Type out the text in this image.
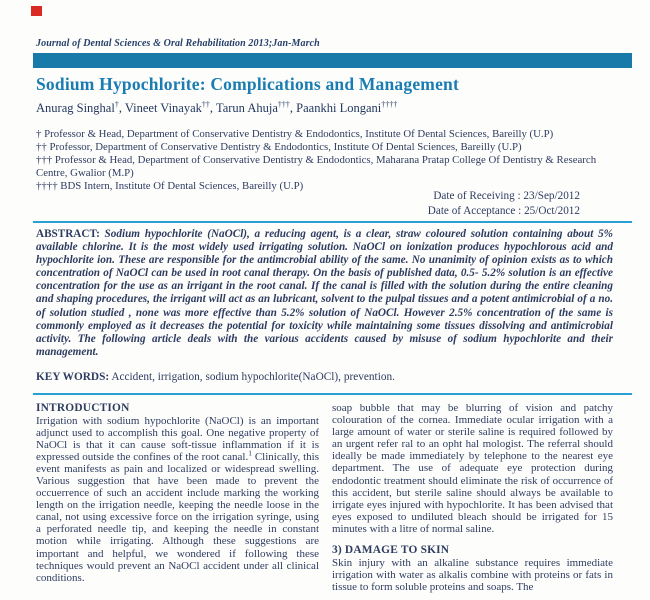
Journal of Dental Sciences & Oral Rehabilitation 2013;Jan-March
Sodium Hypochlorite: Complications and Management
Anurag Singhal†, Vineet Vinayak††, Tarun Ahuja†††, Paankhi Longani††††
† Professor & Head, Department of Conservative Dentistry & Endodontics, Institute Of Dental Sciences, Bareilly (U.P)
†† Professor, Department of Conservative Dentistry & Endodontics, Institute Of Dental Sciences, Bareilly (U.P)
††† Professor & Head, Department of Conservative Dentistry & Endodontics, Maharana Pratap College Of Dentistry & Research Centre, Gwalior (M.P)
†††† BDS Intern, Institute Of Dental Sciences, Bareilly (U.P)
Date of Receiving : 23/Sep/2012
Date of Acceptance : 25/Oct/2012
ABSTRACT: Sodium hypochlorite (NaOCl), a reducing agent, is a clear, straw coloured solution containing about 5% available chlorine. It is the most widely used irrigating solution. NaOCl on ionization produces hypochlorous acid and hypochlorite ion. These are responsible for the antimcrobial ability of the same. No unanimity of opinion exists as to which concentration of NaOCl can be used in root canal therapy. On the basis of published data, 0.5- 5.2% solution is an effective concentration for the use as an irrigant in the root canal. If the canal is filled with the solution during the entire cleaning and shaping procedures, the irrigant will act as an lubricant, solvent to the pulpal tissues and a potent antimicrobial of a no. of solution studied , none was more effective than 5.2% solution of NaOCl. However 2.5% concentration of the same is commonly employed as it decreases the potential for toxicity while maintaining some tissues dissolving and antimicrobial activity. The following article deals with the various accidents caused by misuse of sodium hypochlorite and their management.
KEY WORDS: Accident, irrigation, sodium hypochlorite(NaOCl), prevention.
INTRODUCTION

Irrigation with sodium hypochlorite (NaOCl) is an important adjunct used to accomplish this goal. One negative property of NaOCl is that it can cause soft-tissue inflammation if it is expressed outside the confines of the root canal.$^1$ Clinically, this event manifests as pain and localized or widespread swelling. Various suggestion that have been made to prevent the occuerrence of such an accident include marking the working length on the irrigation needle, keeping the needle loose in the canal, not using excessive force on the irrigation syringe, using a perforated needle tip, and keeping the needle in constant motion while irrigating. Although these suggestions are important and helpful, we wondered if following these techniques would prevent an NaOCl accident under all clinical conditions.

soap bubble that may be blurring of vision and patchy colouration of the cornea. Immediate ocular irrigation with a large amount of water or sterile saline is required followed by an urgent refer ral to an opht hal mologist. The referral should ideally be made immediately by telephone to the nearest eye department. The use of adequate eye protection during endodontic treatment should eliminate the risk of occurrence of this accident, but sterile saline should always be available to irrigate eyes injured with hypochlorite. It has been advised that eyes exposed to undiluted bleach should be irrigated for 15 minutes with a litre of normal saline.

3) DAMAGE TO SKIN

Skin injury with an alkaline substance requires immediate irrigation with water as alkalis combine with proteins or fats in tissue to form soluble proteins and soaps. The
